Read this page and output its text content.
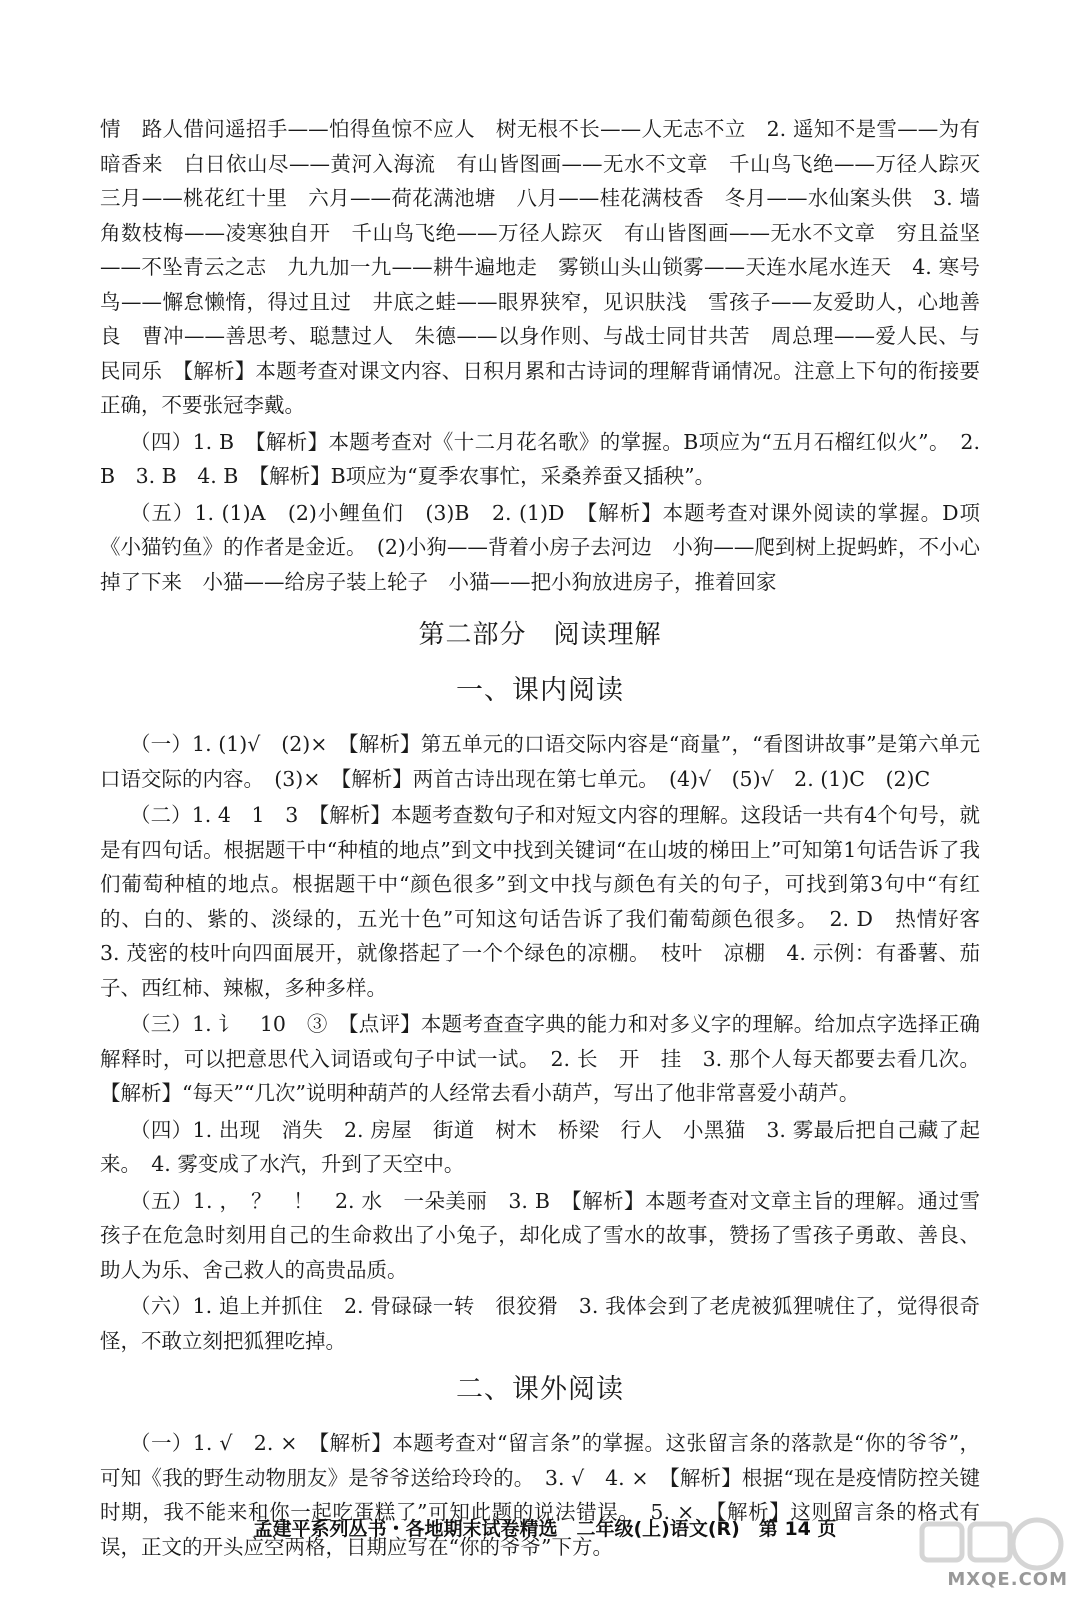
情　路人借问遥招手——怕得鱼惊不应人　树无根不长——人无志不立　2. 遥知不是雪——为有暗香来　白日依山尽——黄河入海流　有山皆图画——无水不文章　千山鸟飞绝——万径人踪灭　三月——桃花红十里　六月——荷花满池塘　八月——桂花满枝香　冬月——水仙案头供　3. 墙角数枝梅——凌寒独自开　千山鸟飞绝——万径人踪灭　有山皆图画——无水不文章　穷且益坚——不坠青云之志　九九加一九——耕牛遍地走　雾锁山头山锁雾——天连水尾水连天　4. 寒号鸟——懈怠懒惰，得过且过　井底之蛙——眼界狭窄，见识肤浅　雪孩子——友爱助人，心地善良　曹冲——善思考、聪慧过人　朱德——以身作则、与战士同甘共苦　周总理——爱人民、与民同乐　【解析】本题考查对课文内容、日积月累和古诗词的理解背诵情况。注意上下句的衔接要正确，不要张冠李戴。

（四）1. B　【解析】本题考查对《十二月花名歌》的掌握。B项应为“五月石榴红似火”。　2. B　3. B　4. B　【解析】B项应为“夏季农事忙，采桑养蚕又插秧”。

（五）1. (1)A　(2)小鲤鱼们　(3)B　2. (1)D　【解析】本题考查对课外阅读的掌握。D项《小猫钓鱼》的作者是金近。　(2)小狗——背着小房子去河边　小狗——爬到树上捉蚂蚱，不小心掉了下来　小猫——给房子装上轮子　小猫——把小狗放进房子，推着回家

第二部分　阅读理解
一、课内阅读

（一）1. (1)√　(2)×　【解析】第五单元的口语交际内容是“商量”，“看图讲故事”是第六单元口语交际的内容。　(3)×　【解析】两首古诗出现在第七单元。　(4)√　(5)√　2. (1)C　(2)C

（二）1. 4　1　3　【解析】本题考查数句子和对短文内容的理解。这段话一共有4个句号，就是有四句话。根据题干中“种植的地点”到文中找到关键词“在山坡的梯田上”可知第1句话告诉了我们葡萄种植的地点。根据题干中“颜色很多”到文中找与颜色有关的句子，可找到第3句中“有红的、白的、紫的、淡绿的，五光十色”可知这句话告诉了我们葡萄颜色很多。　2. D　热情好客　3. 茂密的枝叶向四面展开，就像搭起了一个个绿色的凉棚。　枝叶　凉棚　4. 示例：有番薯、茄子、西红柿、辣椒，多种多样。

（三）1. 讠　10　③　【点评】本题考查查字典的能力和对多义字的理解。给加点字选择正确解释时，可以把意思代入词语或句子中试一试。　2. 长　开　挂　3. 那个人每天都要去看几次。【解析】“每天”“几次”说明种葫芦的人经常去看小葫芦，写出了他非常喜爱小葫芦。

（四）1. 出现　消失　2. 房屋　街道　树木　桥梁　行人　小黑猫　3. 雾最后把自己藏了起来。　4. 雾变成了水汽，升到了天空中。

（五）1. ，　？　！　2. 水　一朵美丽　3. B　【解析】本题考查对文章主旨的理解。通过雪孩子在危急时刻用自己的生命救出了小兔子，却化成了雪水的故事，赞扬了雪孩子勇敢、善良、助人为乐、舍己救人的高贵品质。

（六）1. 追上并抓住　2. 骨碌碌一转　很狡猾　3. 我体会到了老虎被狐狸唬住了，觉得很奇怪，不敢立刻把狐狸吃掉。

二、课外阅读

（一）1. √　2. ×　【解析】本题考查对“留言条”的掌握。这张留言条的落款是“你的爷爷”，可知《我的野生动物朋友》是爷爷送给玲玲的。　3. √　4. ×　【解析】根据“现在是疫情防控关键时期，我不能来和你一起吃蛋糕了”可知此题的说法错误。　5. ×　【解析】这则留言条的格式有误，正文的开头应空两格，日期应写在“你的爷爷”下方。

孟建平系列丛书・各地期末试卷精选　二年级(上)语文(R)　第 14 页
MXQE.COM
